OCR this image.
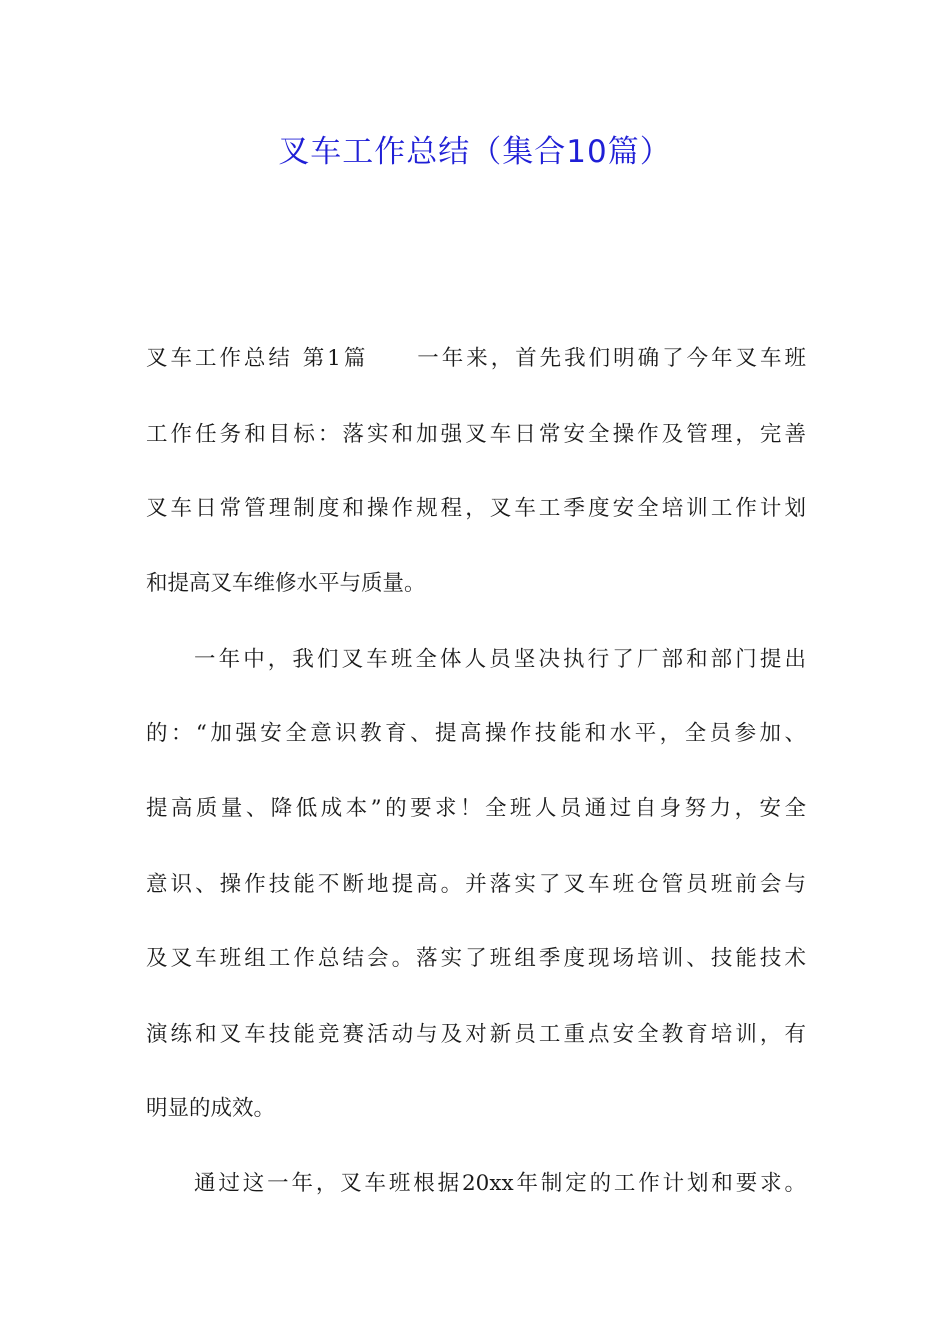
叉车工作总结（集合10篇）

叉车工作总结 第1篇　　一年来，首先我们明确了今年叉车班

工作任务和目标：落实和加强叉车日常安全操作及管理，完善

叉车日常管理制度和操作规程，叉车工季度安全培训工作计划

和提高叉车维修水平与质量。

一年中，我们叉车班全体人员坚决执行了厂部和部门提出

的：“加强安全意识教育、提高操作技能和水平，全员参加、

提高质量、降低成本”的要求！全班人员通过自身努力，安全

意识、操作技能不断地提高。并落实了叉车班仓管员班前会与

及叉车班组工作总结会。落实了班组季度现场培训、技能技术

演练和叉车技能竞赛活动与及对新员工重点安全教育培训，有

明显的成效。

通过这一年，叉车班根据20xx年制定的工作计划和要求。
